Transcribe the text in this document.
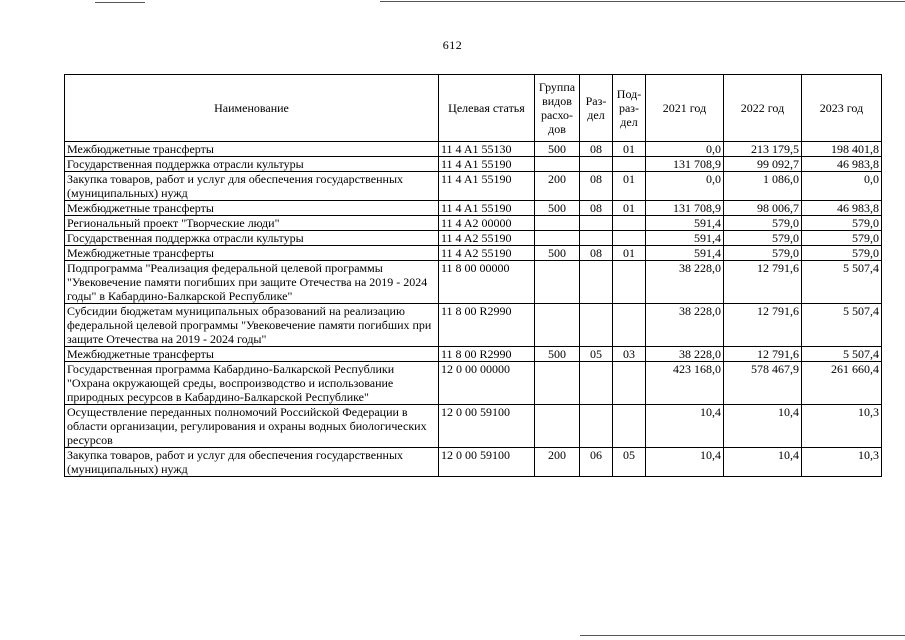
612
Наименование	Целевая статья	Группа видов расхо-дов	Раз-дел	Под-раз-дел	2021 год	2022 год	2023 год
Межбюджетные трансферты	11 4 A1 55130	500	08	01	0,0	213 179,5	198 401,8
Государственная поддержка отрасли культуры	11 4 A1 55190				131 708,9	99 092,7	46 983,8
Закупка товаров, работ и услуг для обеспечения государственных (муниципальных) нужд	11 4 A1 55190	200	08	01	0,0	1 086,0	0,0
Межбюджетные трансферты	11 4 A1 55190	500	08	01	131 708,9	98 006,7	46 983,8
Региональный проект "Творческие люди"	11 4 A2 00000				591,4	579,0	579,0
Государственная поддержка отрасли культуры	11 4 A2 55190				591,4	579,0	579,0
Межбюджетные трансферты	11 4 A2 55190	500	08	01	591,4	579,0	579,0
Подпрограмма "Реализация федеральной целевой программы "Увековечение памяти погибших при защите Отечества на 2019 - 2024 годы" в Кабардино-Балкарской Республике"	11 8 00 00000				38 228,0	12 791,6	5 507,4
Субсидии бюджетам муниципальных образований на реализацию федеральной целевой программы "Увековечение памяти погибших при защите Отечества на 2019 - 2024 годы"	11 8 00 R2990				38 228,0	12 791,6	5 507,4
Межбюджетные трансферты	11 8 00 R2990	500	05	03	38 228,0	12 791,6	5 507,4
Государственная программа Кабардино-Балкарской Республики "Охрана окружающей среды, воспроизводство и использование природных ресурсов в Кабардино-Балкарской Республике"	12 0 00 00000				423 168,0	578 467,9	261 660,4
Осуществление переданных полномочий Российской Федерации в области организации, регулирования и охраны водных биологических ресурсов	12 0 00 59100				10,4	10,4	10,3
Закупка товаров, работ и услуг для обеспечения государственных (муниципальных) нужд	12 0 00 59100	200	06	05	10,4	10,4	10,3
